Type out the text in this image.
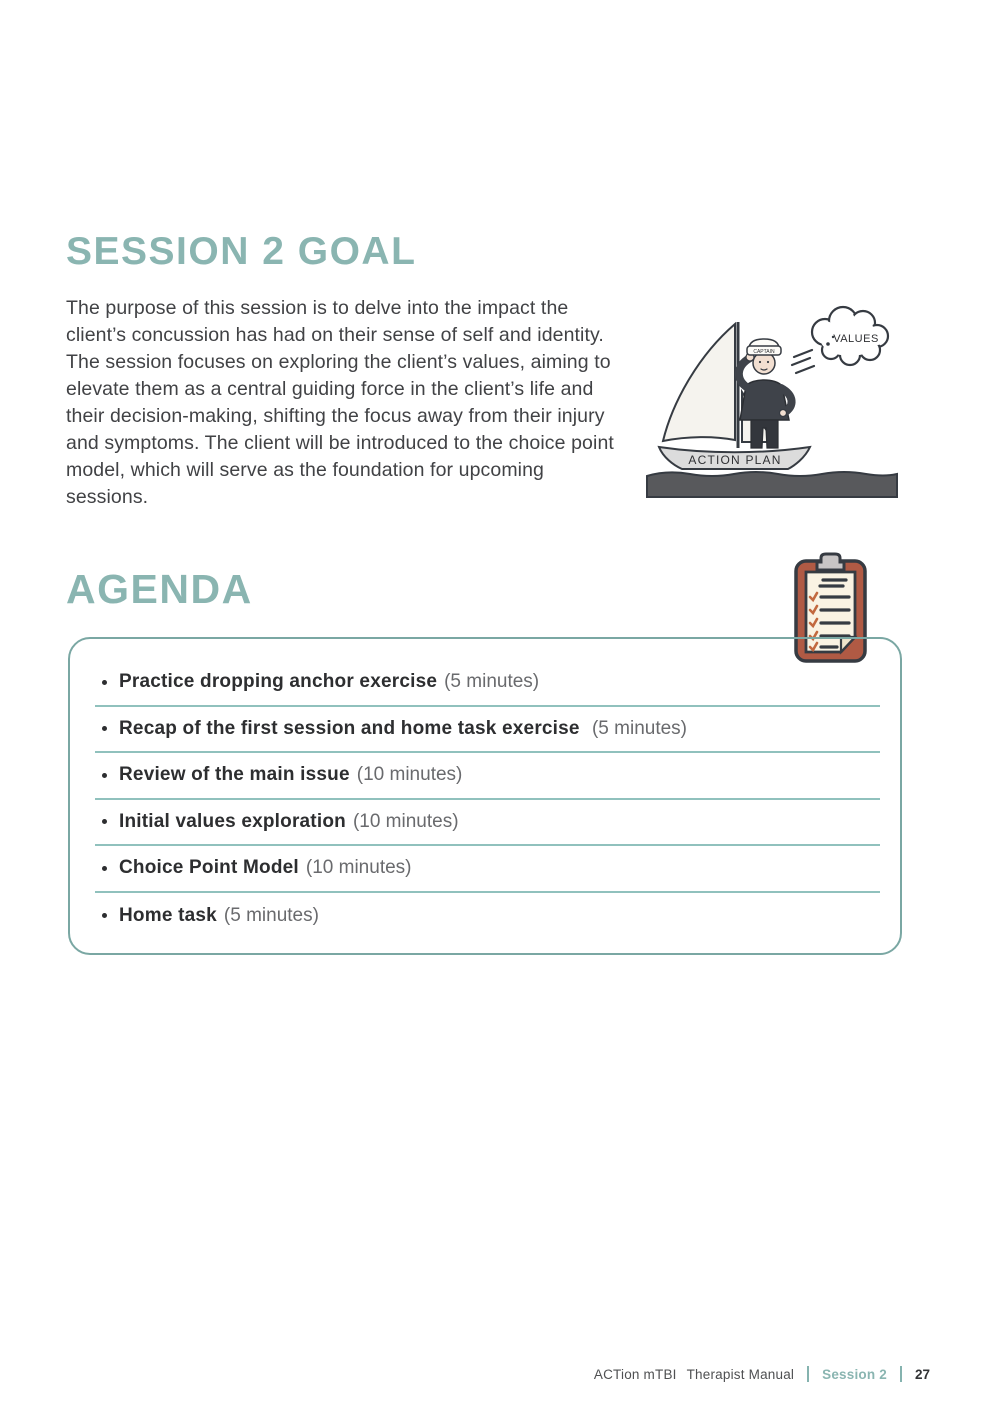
SESSION 2 GOAL
The purpose of this session is to delve into the impact the client’s concussion has had on their sense of self and identity. The session focuses on exploring the client’s values, aiming to elevate them as a central guiding force in the client’s life and their decision-making, shifting the focus away from their injury and symptoms. The client will be introduced to the choice point model, which will serve as the foundation for upcoming sessions.
VALUES
CAPTAIN
ACTION PLAN
AGENDA
Practice dropping anchor exercise (5 minutes)
Recap of the first session and home task exercise (5 minutes)
Review of the main issue (10 minutes)
Initial values exploration (10 minutes)
Choice Point Model (10 minutes)
Home task (5 minutes)
ACTion mTBI Therapist Manual Session 2 27
